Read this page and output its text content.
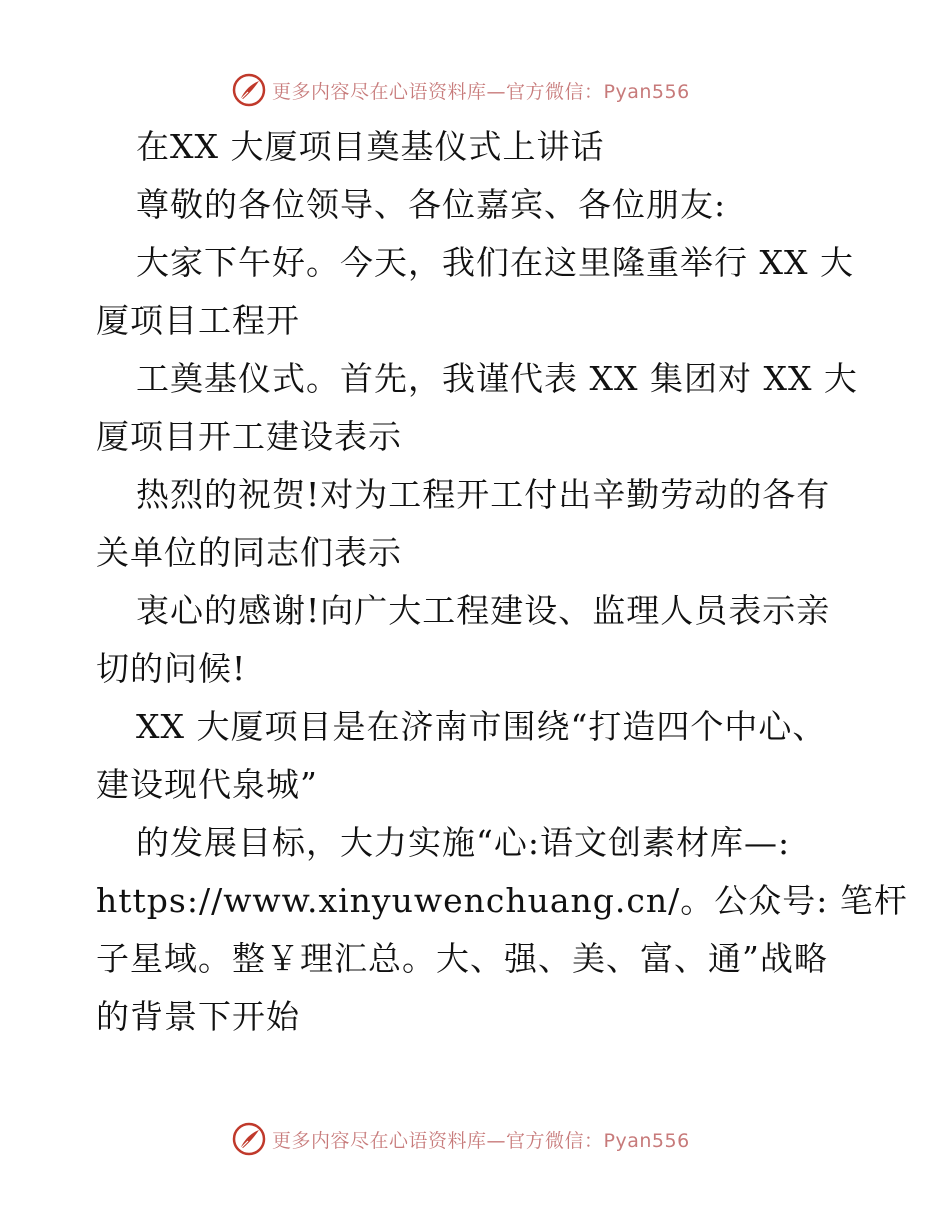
更多内容尽在心语资料库—官方微信：Pyan556
在XX 大厦项目奠基仪式上讲话
尊敬的各位领导、各位嘉宾、各位朋友:
大家下午好。今天，我们在这里隆重举行 XX 大
厦项目工程开
工奠基仪式。首先，我谨代表 XX 集团对 XX 大
厦项目开工建设表示
热烈的祝贺!对为工程开工付出辛勤劳动的各有
关单位的同志们表示
衷心的感谢!向广大工程建设、监理人员表示亲
切的问候!
XX 大厦项目是在济南市围绕“打造四个中心、
建设现代泉城”
的发展目标，大力实施“心:语文创素材库—:
https://www.xinyuwenchuang.cn/。公众号: 笔杆
子星域。整￥理汇总。大、强、美、富、通”战略
的背景下开始
更多内容尽在心语资料库—官方微信：Pyan556
